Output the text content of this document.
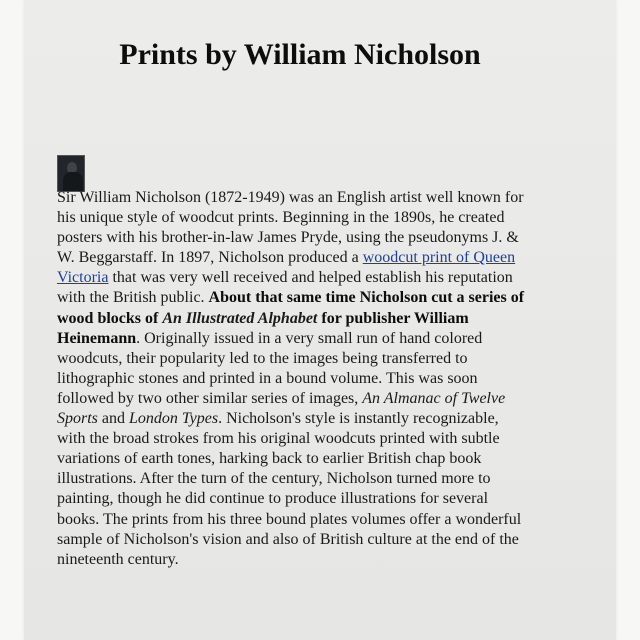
Prints by William Nicholson
Sir William Nicholson (1872-1949) was an English artist well known for
his unique style of woodcut prints. Beginning in the 1890s, he created
posters with his brother-in-law James Pryde, using the pseudonyms J. &
W. Beggarstaff. In 1897, Nicholson produced a woodcut print of Queen
Victoria that was very well received and helped establish his reputation
with the British public. About that same time Nicholson cut a series of
wood blocks of An Illustrated Alphabet for publisher William
Heinemann. Originally issued in a very small run of hand colored
woodcuts, their popularity led to the images being transferred to
lithographic stones and printed in a bound volume. This was soon
followed by two other similar series of images, An Almanac of Twelve
Sports and London Types. Nicholson's style is instantly recognizable,
with the broad strokes from his original woodcuts printed with subtle
variations of earth tones, harking back to earlier British chap book
illustrations. After the turn of the century, Nicholson turned more to
painting, though he did continue to produce illustrations for several
books. The prints from his three bound plates volumes offer a wonderful
sample of Nicholson's vision and also of British culture at the end of the
nineteenth century.
